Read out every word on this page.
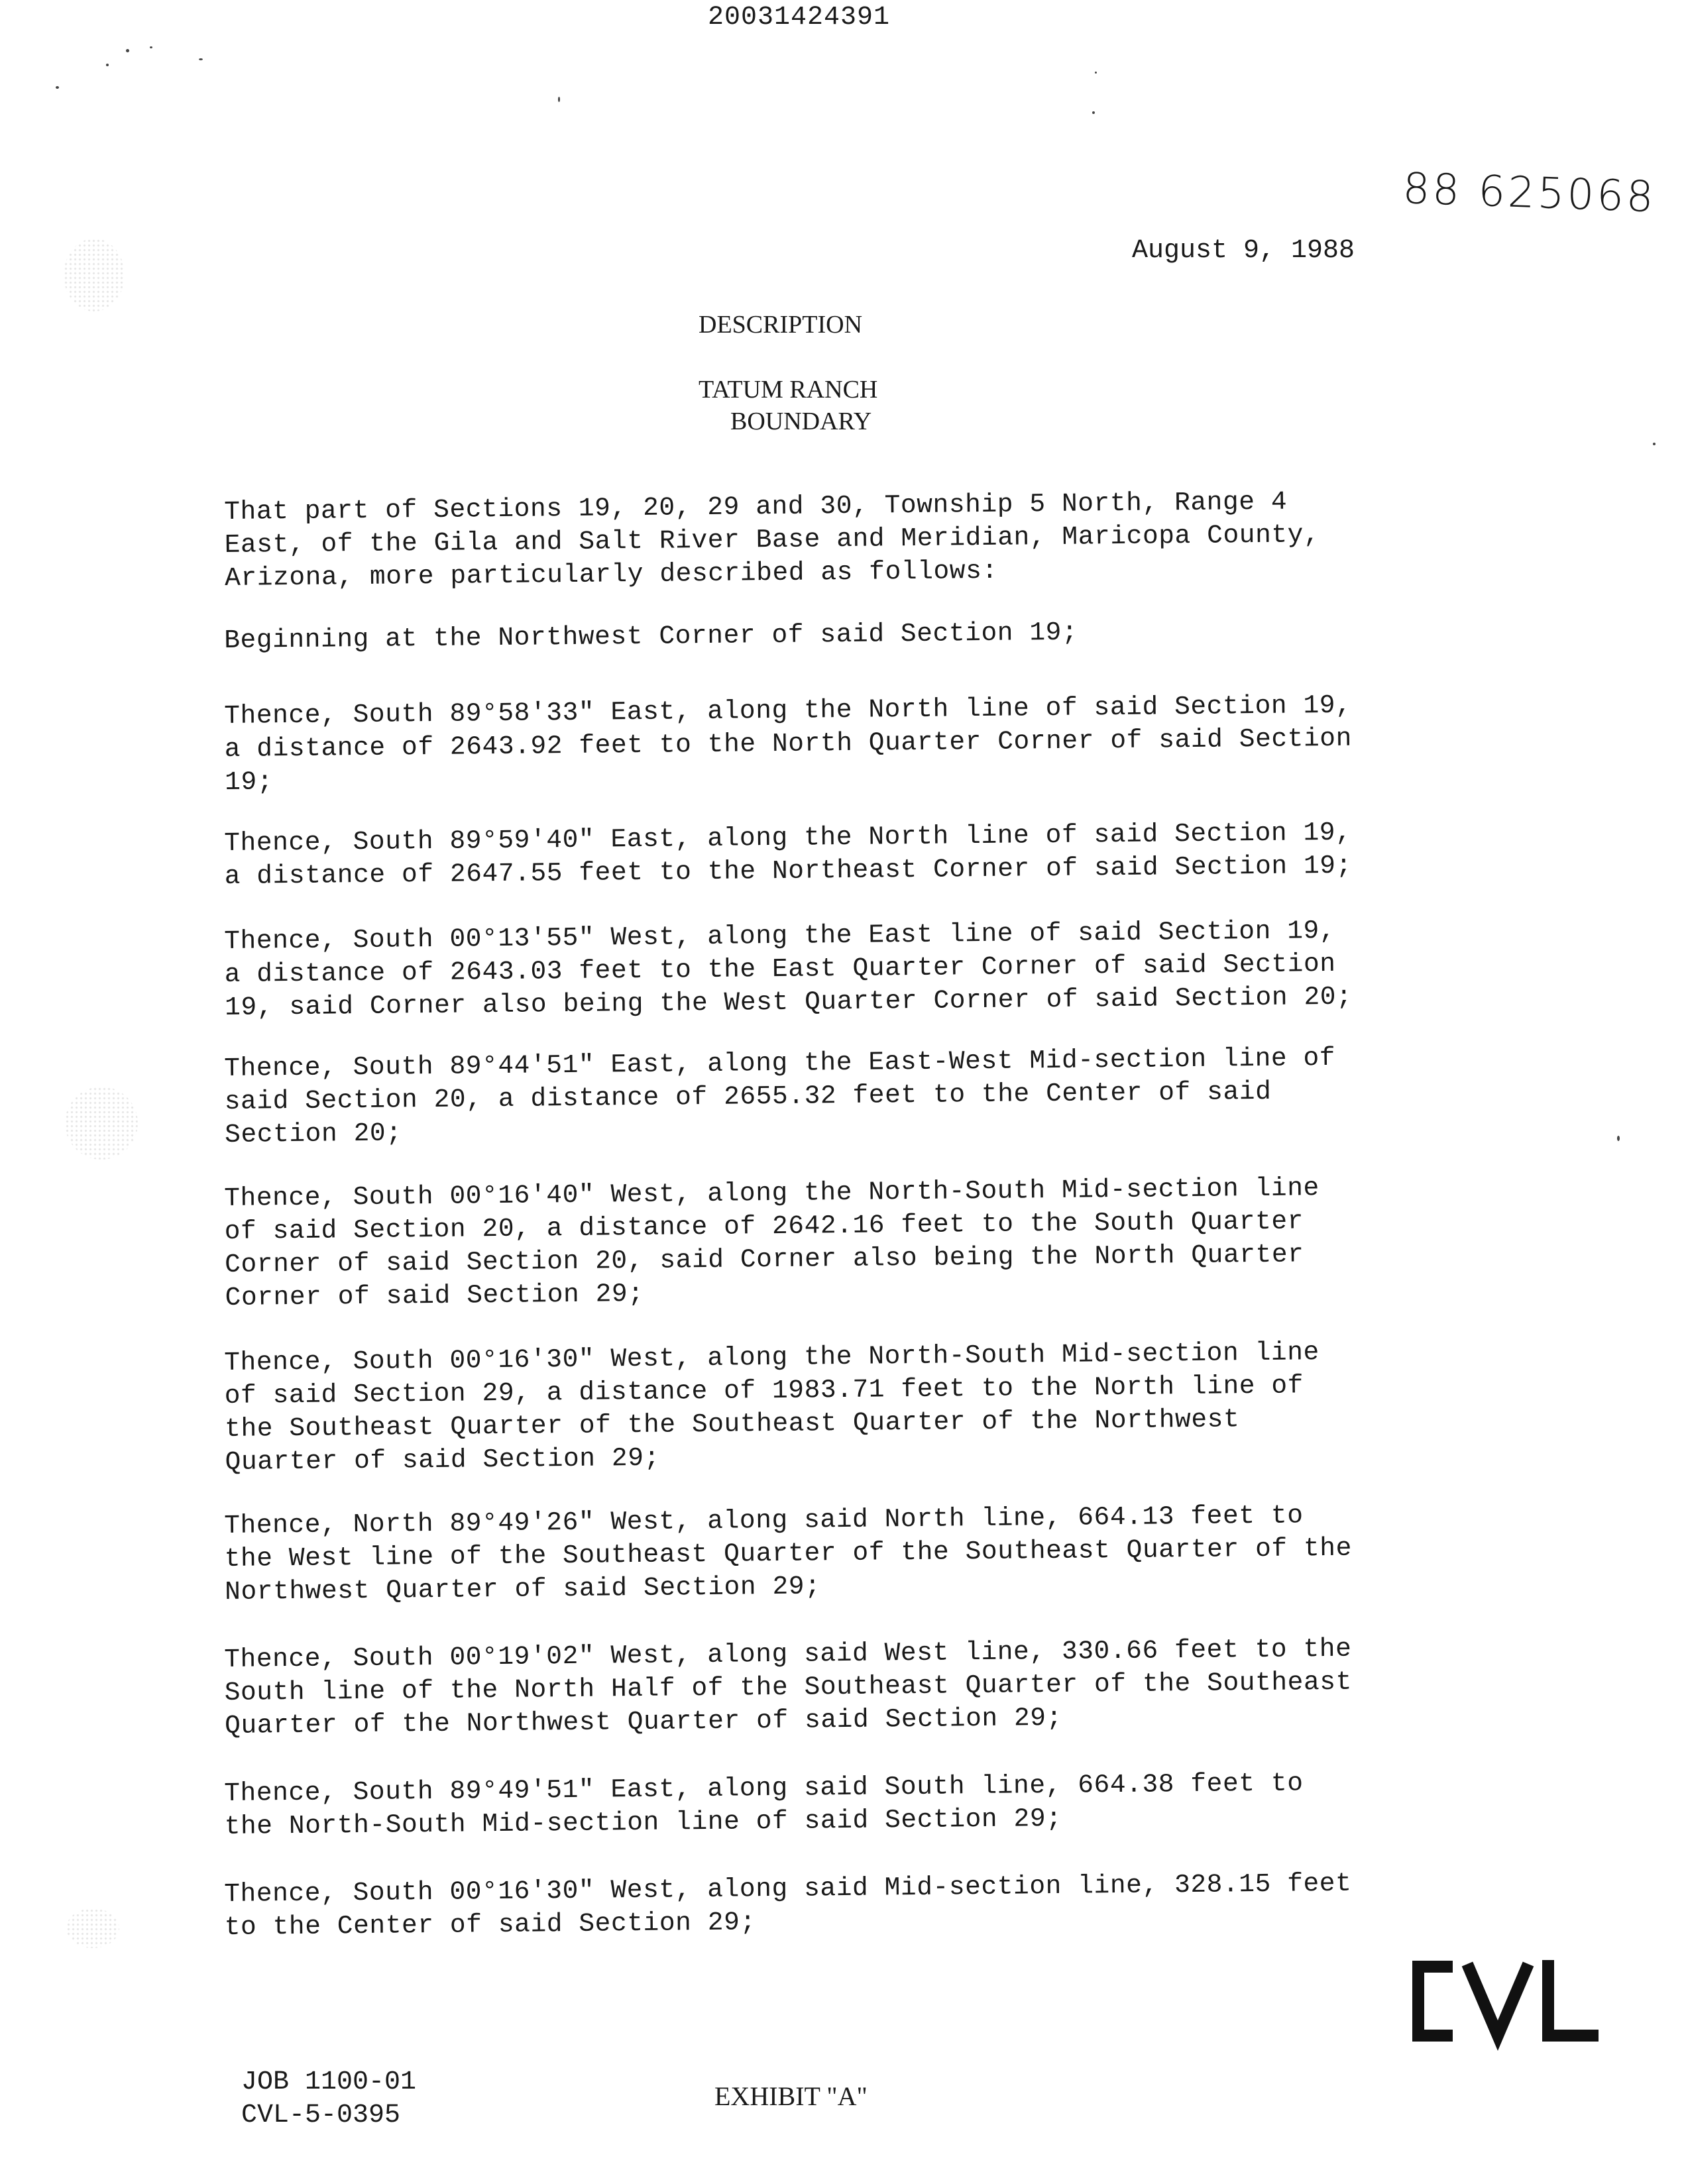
20031424391
88 625068
August 9, 1988
DESCRIPTION
TATUM RANCH
BOUNDARY
That part of Sections 19, 20, 29 and 30, Township 5 North, Range 4
East, of the Gila and Salt River Base and Meridian, Maricopa County,
Arizona, more particularly described as follows:
Beginning at the Northwest Corner of said Section 19;
Thence, South 89°58'33" East, along the North line of said Section 19,
a distance of 2643.92 feet to the North Quarter Corner of said Section
19;
Thence, South 89°59'40" East, along the North line of said Section 19,
a distance of 2647.55 feet to the Northeast Corner of said Section 19;
Thence, South 00°13'55" West, along the East line of said Section 19,
a distance of 2643.03 feet to the East Quarter Corner of said Section
19, said Corner also being the West Quarter Corner of said Section 20;
Thence, South 89°44'51" East, along the East-West Mid-section line of
said Section 20, a distance of 2655.32 feet to the Center of said
Section 20;
Thence, South 00°16'40" West, along the North-South Mid-section line
of said Section 20, a distance of 2642.16 feet to the South Quarter
Corner of said Section 20, said Corner also being the North Quarter
Corner of said Section 29;
Thence, South 00°16'30" West, along the North-South Mid-section line
of said Section 29, a distance of 1983.71 feet to the North line of
the Southeast Quarter of the Southeast Quarter of the Northwest
Quarter of said Section 29;
Thence, North 89°49'26" West, along said North line, 664.13 feet to
the West line of the Southeast Quarter of the Southeast Quarter of the
Northwest Quarter of said Section 29;
Thence, South 00°19'02" West, along said West line, 330.66 feet to the
South line of the North Half of the Southeast Quarter of the Southeast
Quarter of the Northwest Quarter of said Section 29;
Thence, South 89°49'51" East, along said South line, 664.38 feet to
the North-South Mid-section line of said Section 29;
Thence, South 00°16'30" West, along said Mid-section line, 328.15 feet
to the Center of said Section 29;
JOB 1100-01
CVL-5-0395
EXHIBIT "A"
